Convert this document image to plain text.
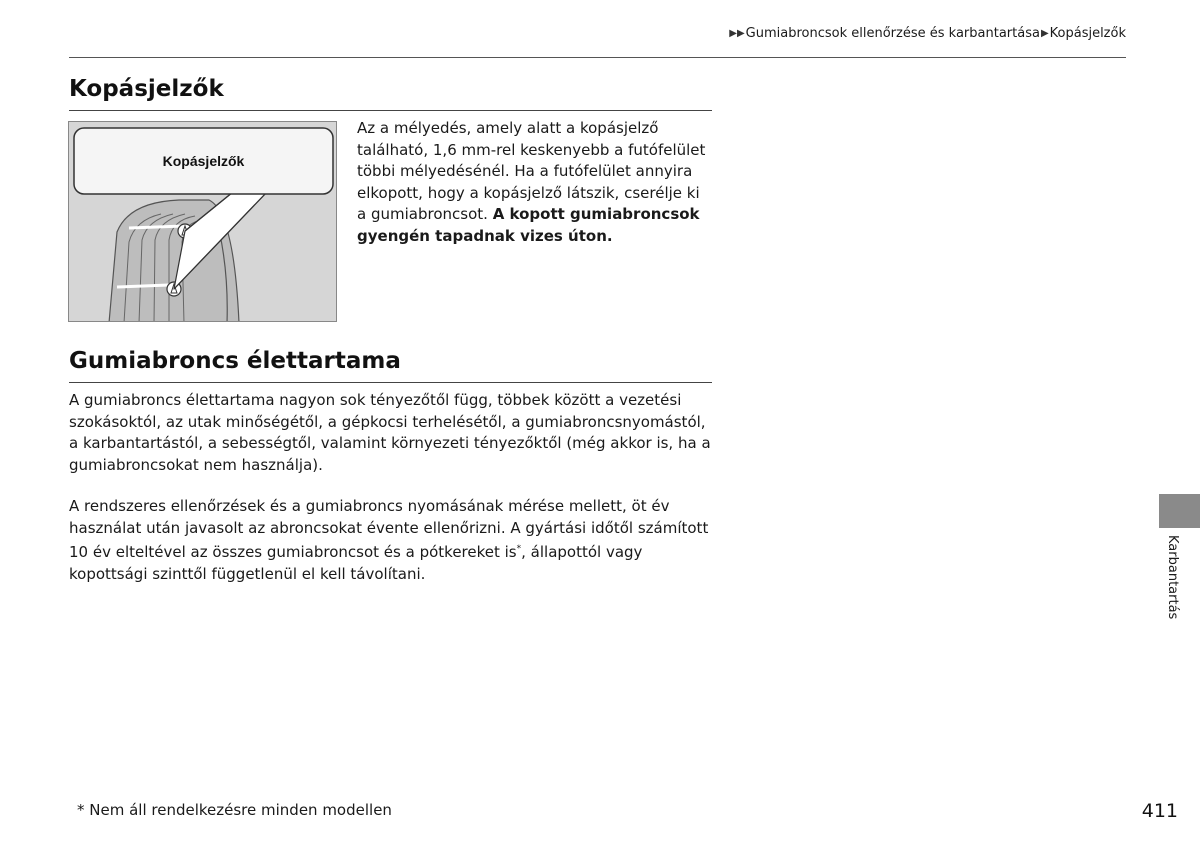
▶▶ Gumiabroncsok ellenőrzése és karbantartása ▶ Kopásjelzők
Kopásjelzők
Kopásjelzők

Az a mélyedés, amely alatt a kopásjelző található, 1,6 mm-rel keskenyebb a futófelület többi mélyedésénél. Ha a futófelület annyira elkopott, hogy a kopásjelző látszik, cserélje ki a gumiabroncsot. A kopott gumiabroncsok gyengén tapadnak vizes úton.

Gumiabroncs élettartama

A gumiabroncs élettartama nagyon sok tényezőtől függ, többek között a vezetési szokásoktól, az utak minőségétől, a gépkocsi terhelésétől, a gumiabroncsnyomástól, a karbantartástól, a sebességtől, valamint környezeti tényezőktől (még akkor is, ha a gumiabroncsokat nem használja).

A rendszeres ellenőrzések és a gumiabroncs nyomásának mérése mellett, öt év használat után javasolt az abroncsokat évente ellenőrizni. A gyártási időtől számított 10 év elteltével az összes gumiabroncsot és a pótkereket is*, állapottól vagy kopottsági szinttől függetlenül el kell távolítani.	Karbantartás

* Nem áll rendelkezésre minden modellen	411
